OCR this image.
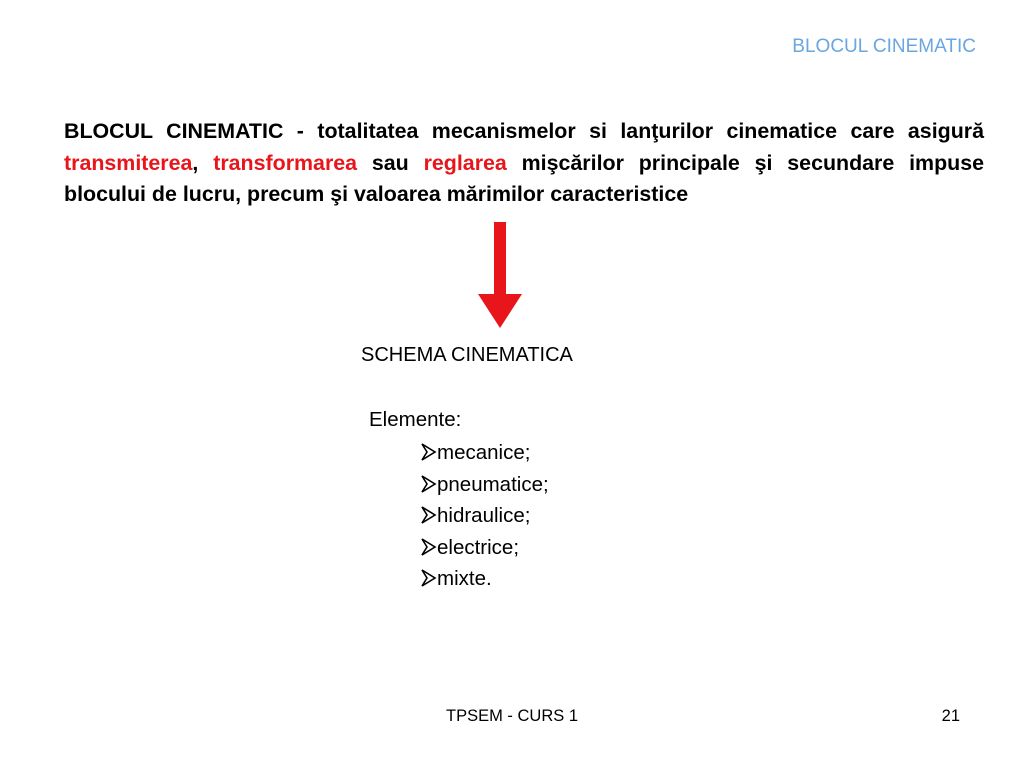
BLOCUL CINEMATIC

BLOCUL CINEMATIC - totalitatea mecanismelor si lanţurilor cinematice care asigură transmiterea, transformarea sau reglarea mişcărilor principale şi secundare impuse blocului de lucru, precum şi valoarea mărimilor caracteristice

SCHEMA CINEMATICA
Elemente:
mecanice;
pneumatice;
hidraulice;
electrice;
mixte.
TPSEM - CURS 1	21
